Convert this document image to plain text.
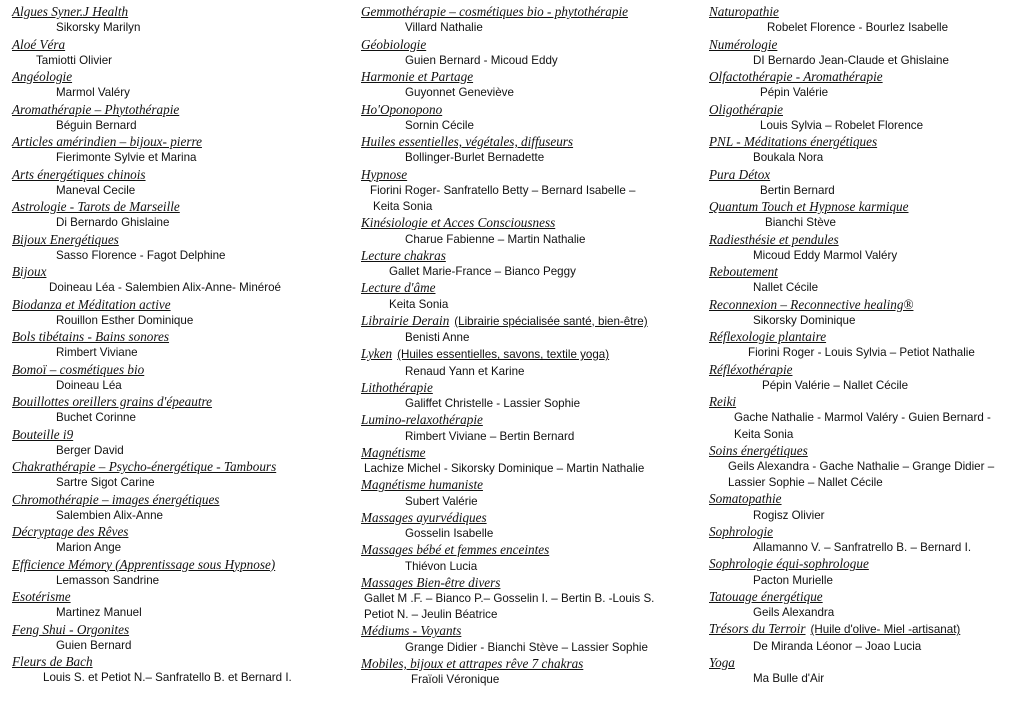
Algues Syner.J Health
Sikorsky Marilyn
Aloé Véra
Tamiotti Olivier
Angéologie
Marmol Valéry
Aromathérapie – Phytothérapie
Béguin Bernard
Articles amérindien – bijoux- pierre
Fierimonte Sylvie et Marina
Arts énergétiques chinois
Maneval Cecile
Astrologie - Tarots de Marseille
Di Bernardo Ghislaine
Bijoux Energétiques
Sasso Florence - Fagot Delphine
Bijoux
Doineau Léa - Salembien Alix-Anne- Minéroé
Biodanza et Méditation active
Rouillon Esther Dominique
Bols tibétains - Bains sonores
Rimbert Viviane
Bomoï – cosmétiques bio
Doineau Léa
Bouillottes oreillers grains d'épeautre
Buchet Corinne
Bouteille i9
Berger David
Chakrathérapie – Psycho-énergétique - Tambours
Sartre Sigot Carine
Chromothérapie – images énergétiques
Salembien Alix-Anne
Décryptage des Rêves
Marion Ange
Efficience Mémory (Apprentissage sous Hypnose)
Lemasson Sandrine
Esotérisme
Martinez Manuel
Feng Shui - Orgonites
Guien Bernard
Fleurs de Bach
Louis S. et Petiot N.– Sanfratello B. et Bernard I.
Gemmothérapie – cosmétiques bio - phytothérapie
Villard Nathalie
Géobiologie
Guien Bernard - Micoud Eddy
Harmonie et Partage
Guyonnet Geneviève
Ho'Oponopono
Sornin Cécile
Huiles essentielles, végétales, diffuseurs
Bollinger-Burlet Bernadette
Hypnose
Fiorini Roger- Sanfratello Betty – Bernard Isabelle –
Keita Sonia
Kinésiologie et Acces Consciousness
Charue Fabienne – Martin Nathalie
Lecture chakras
Gallet Marie-France – Bianco Peggy
Lecture d'âme
Keita Sonia
Librairie Derain (Librairie spécialisée santé, bien-être)
Benisti Anne
Lyken (Huiles essentielles, savons, textile yoga)
Renaud Yann et Karine
Lithothérapie
Galiffet Christelle - Lassier Sophie
Lumino-relaxothérapie
Rimbert Viviane – Bertin Bernard
Magnétisme
Lachize Michel - Sikorsky Dominique – Martin Nathalie
Magnétisme humaniste
Subert Valérie
Massages ayurvédiques
Gosselin Isabelle
Massages bébé et femmes enceintes
Thiévon Lucia
Massages Bien-être divers
Gallet M .F. – Bianco P.– Gosselin I. – Bertin B. -Louis S.
Petiot N. – Jeulin Béatrice
Médiums - Voyants
Grange Didier - Bianchi Stève – Lassier Sophie
Mobiles, bijoux et attrapes rêve 7 chakras
Fraïoli Véronique
Naturopathie
Robelet Florence - Bourlez Isabelle
Numérologie
DI Bernardo Jean-Claude et Ghislaine
Olfactothérapie - Aromathérapie
Pépin Valérie
Oligothérapie
Louis Sylvia – Robelet Florence
PNL - Méditations énergétiques
Boukala Nora
Pura Détox
Bertin Bernard
Quantum Touch et Hypnose karmique
Bianchi Stève
Radiesthésie et pendules
Micoud Eddy Marmol Valéry
Reboutement
Nallet Cécile
Reconnexion – Reconnective healing®
Sikorsky Dominique
Réflexologie plantaire
Fiorini Roger - Louis Sylvia – Petiot Nathalie
Réfléxothérapie
Pépin Valérie – Nallet Cécile
Reiki
Gache Nathalie - Marmol Valéry - Guien Bernard -
Keita Sonia
Soins énergétiques
Geils Alexandra - Gache Nathalie – Grange Didier –
Lassier Sophie – Nallet Cécile
Somatopathie
Rogisz Olivier
Sophrologie
Allamanno V. – Sanfratrello B. – Bernard I.
Sophrologie équi-sophrologue
Pacton Murielle
Tatouage énergétique
Geils Alexandra
Trésors du Terroir (Huile d'olive- Miel -artisanat)
De Miranda Léonor – Joao Lucia
Yoga
Ma Bulle d'Air
